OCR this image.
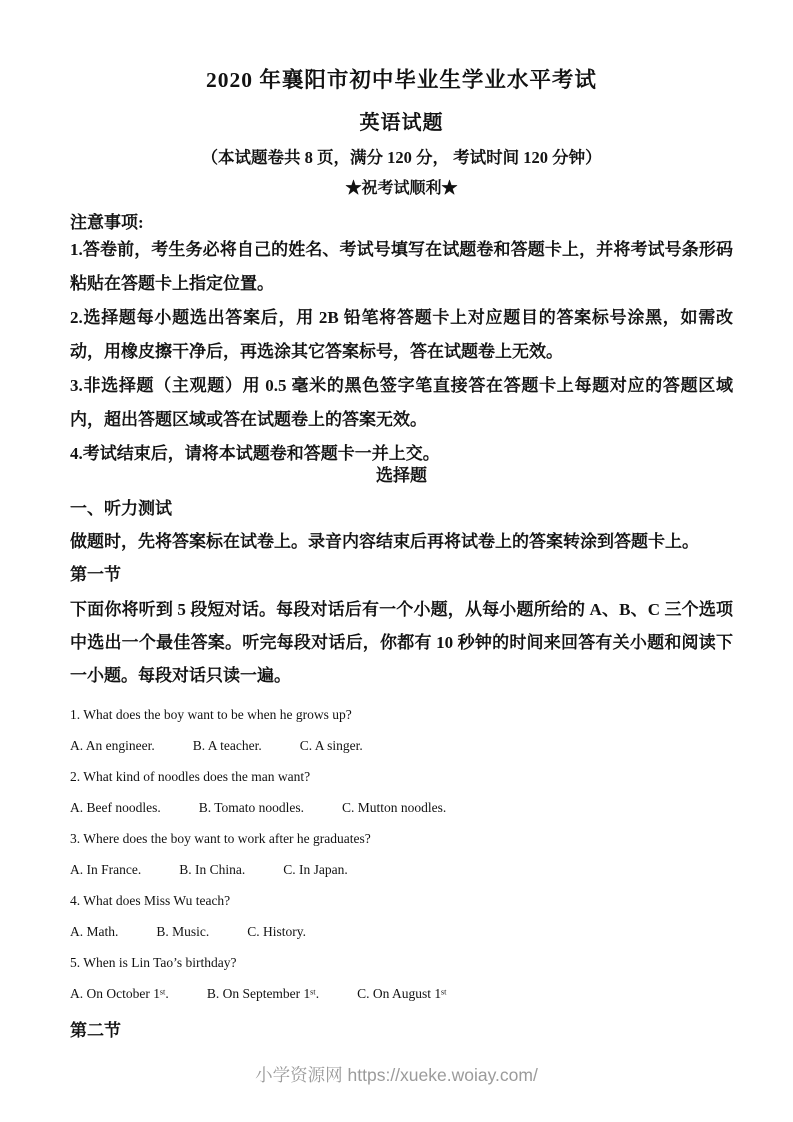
2020 年襄阳市初中毕业生学业水平考试
英语试题

（本试题卷共 8 页，满分 120 分， 考试时间 120 分钟）

★祝考试顺利★

注意事项:

1.答卷前，考生务必将自己的姓名、考试号填写在试题卷和答题卡上，并将考试号条形码粘贴在答题卡上指定位置。

2.选择题每小题选出答案后，用 2B 铅笔将答题卡上对应题目的答案标号涂黑，如需改动，用橡皮擦干净后，再选涂其它答案标号，答在试题卷上无效。

3.非选择题（主观题）用 0.5 毫米的黑色签字笔直接答在答题卡上每题对应的答题区域内，超出答题区域或答在试题卷上的答案无效。

4.考试结束后，请将本试题卷和答题卡一并上交。

选择题

一、听力测试

做题时，先将答案标在试卷上。录音内容结束后再将试卷上的答案转涂到答题卡上。

第一节

下面你将听到 5 段短对话。每段对话后有一个小题，从每小题所给的 A、B、C 三个选项中选出一个最佳答案。听完每段对话后，你都有 10 秒钟的时间来回答有关小题和阅读下一小题。每段对话只读一遍。

1. What does the boy want to be when he grows up?

A. An engineer.	B. A teacher.	C. A singer.

2. What kind of noodles does the man want?

A. Beef noodles.	B. Tomato noodles.	C. Mutton noodles.

3. Where does the boy want to work after he graduates?

A. In France.	B. In China.	C. In Japan.

4. What does Miss Wu teach?

A. Math.	B. Music.	C. History.

5. When is Lin Tao’s birthday?

A. On October 1ˢᵗ.	B. On September 1ˢᵗ.	C. On August 1ˢᵗ

第二节

小学资源网 https://xueke.woiay.com/
